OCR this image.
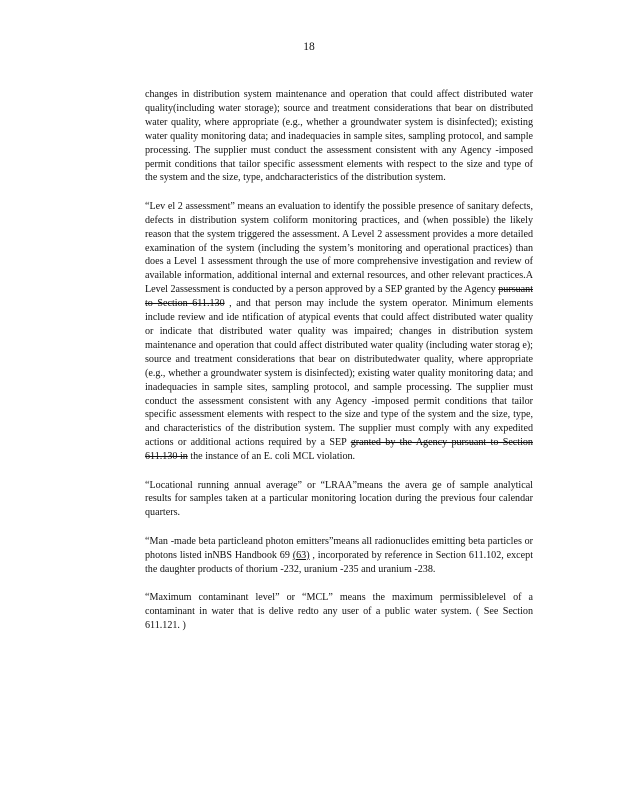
18

changes in distribution system maintenance and operation that could affect distributed water quality(including water storage); source and treatment considerations that bear on distributed water quality, where appropriate (e.g., whether a groundwater system is disinfected); existing water quality monitoring data; and inadequacies in sample sites, sampling protocol, and sample processing. The supplier must conduct the assessment consistent with any Agency -imposed permit conditions that tailor specific assessment elements with respect to the size and type of the system and the size, type, andcharacteristics of the distribution system.

“Lev el 2 assessment” means an evaluation to identify the possible presence of sanitary defects, defects in distribution system coliform monitoring practices, and (when possible) the likely reason that the system triggered the assessment. A Level 2 assessment provides a more detailed examination of the system (including the system’s monitoring and operational practices) than does a Level 1 assessment through the use of more comprehensive investigation and review of available information, additional internal and external resources, and other relevant practices.A Level 2assessment is conducted by a person approved by a SEP granted by the Agency pursuant to Section 611.130 , and that person may include the system operator. Minimum elements include review and ide ntification of atypical events that could affect distributed water quality or indicate that distributed water quality was impaired; changes in distribution system maintenance and operation that could affect distributed water quality (including water storag e); source and treatment considerations that bear on distributedwater quality, where appropriate (e.g., whether a groundwater system is disinfected); existing water quality monitoring data; and inadequacies in sample sites, sampling protocol, and sample processing. The supplier must conduct the assessment consistent with any Agency -imposed permit conditions that tailor specific assessment elements with respect to the size and type of the system and the size, type, and characteristics of the distribution system. The supplier must comply with any expedited actions or additional actions required by a SEP granted by the Agency pursuant to Section 611.130 in the instance of an E. coli MCL violation.

“Locational running annual average” or “LRAA”means the avera ge of sample analytical results for samples taken at a particular monitoring location during the previous four calendar quarters.

“Man -made beta particleand photon emitters”means all radionuclides emitting beta particles or photons listed inNBS Handbook 69 (63) , incorporated by reference in Section 611.102, except the daughter products of thorium -232, uranium -235 and uranium -238.

“Maximum contaminant level” or “MCL” means the maximum permissiblelevel of a contaminant in water that is delive redto any user of a public water system. ( See Section 611.121. )
